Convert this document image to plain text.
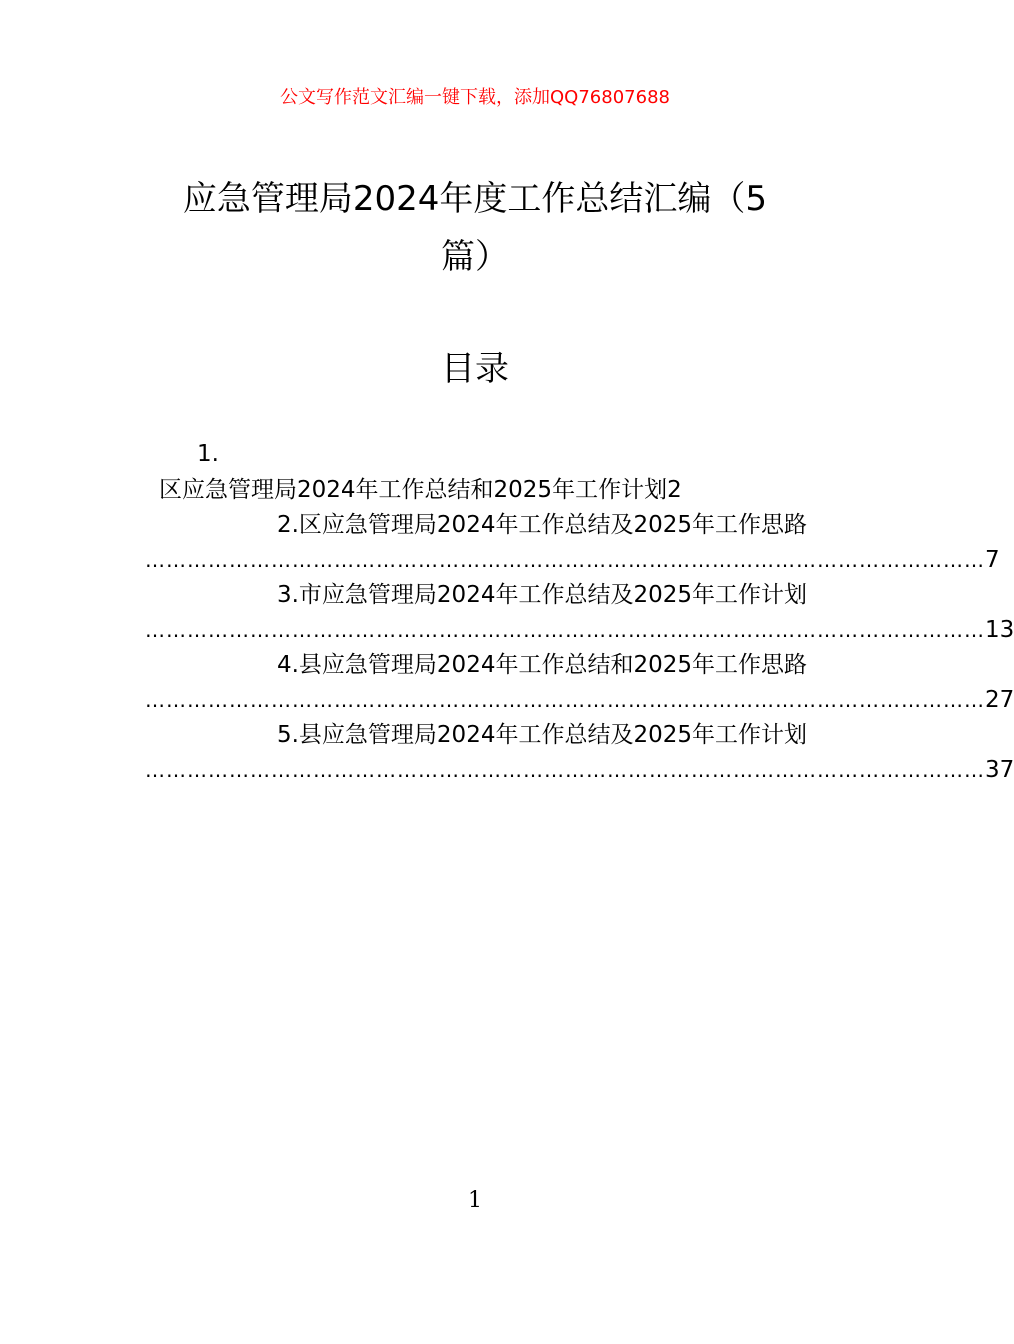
公文写作范文汇编一键下载，添加QQ76807688
应急管理局2024年度工作总结汇编（5篇）
目录
1.
区应急管理局2024年工作总结和2025年工作计划2
2.区应急管理局2024年工作总结及2025年工作思路
………………………………………………………………………………………………………… 7
3.市应急管理局2024年工作总结及2025年工作计划
………………………………………………………………………………………………………… 13
4.县应急管理局2024年工作总结和2025年工作思路
………………………………………………………………………………………………………… 27
5.县应急管理局2024年工作总结及2025年工作计划
………………………………………………………………………………………………………… 37
1
